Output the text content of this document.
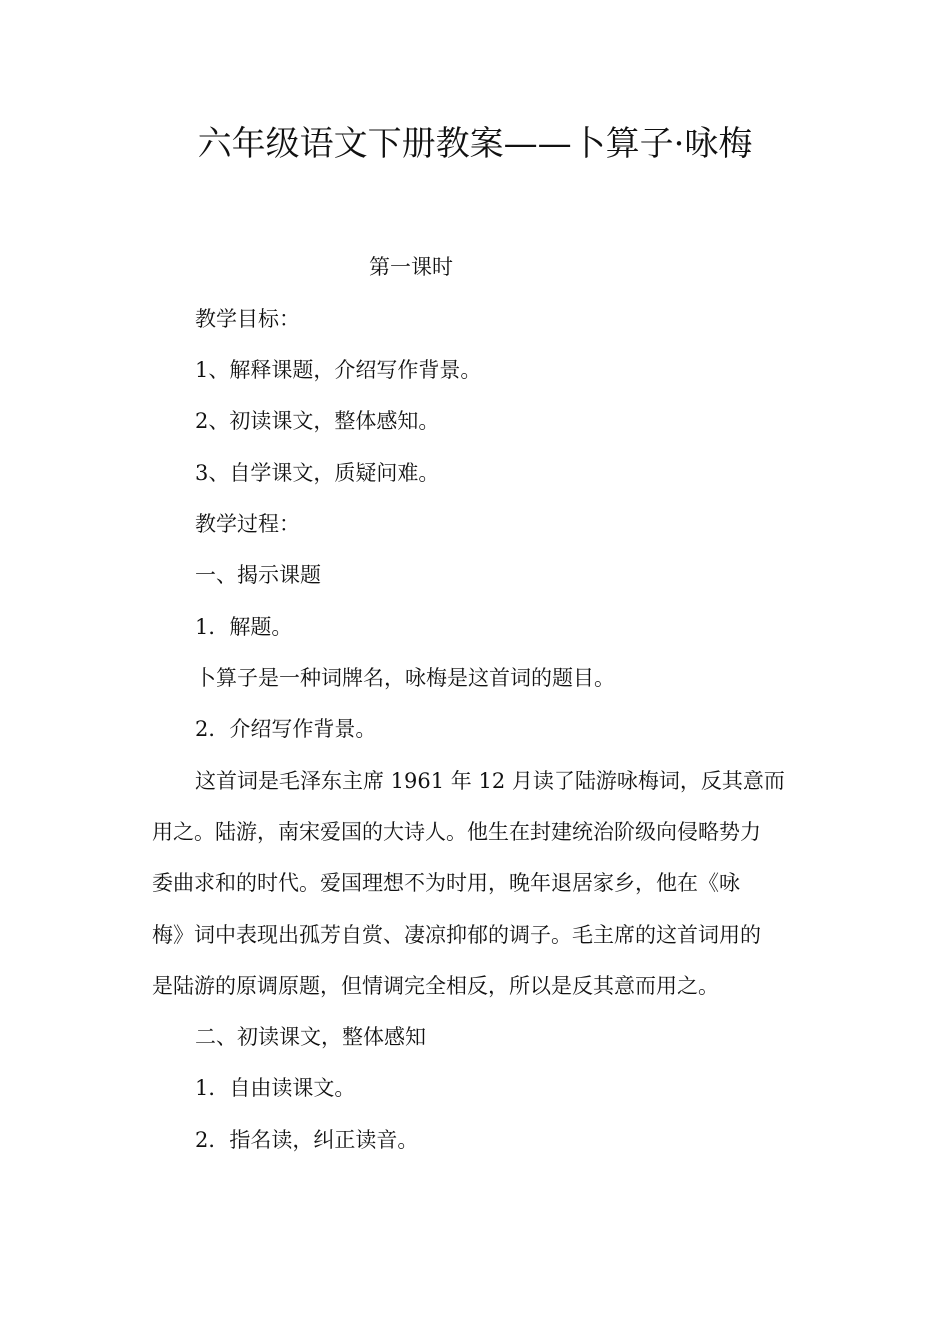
六年级语文下册教案——卜算子·咏梅
第一课时
教学目标：
1、解释课题，介绍写作背景。
2、初读课文，整体感知。
3、自学课文，质疑问难。
教学过程：
一、揭示课题
1．解题。
卜算子是一种词牌名，咏梅是这首词的题目。
2．介绍写作背景。
这首词是毛泽东主席 1961 年 12 月读了陆游咏梅词，反其意而
用之。陆游，南宋爱国的大诗人。他生在封建统治阶级向侵略势力
委曲求和的时代。爱国理想不为时用，晚年退居家乡，他在《咏
梅》词中表现出孤芳自赏、凄凉抑郁的调子。毛主席的这首词用的
是陆游的原调原题，但情调完全相反，所以是反其意而用之。
二、初读课文，整体感知
1．自由读课文。
2．指名读，纠正读音。
